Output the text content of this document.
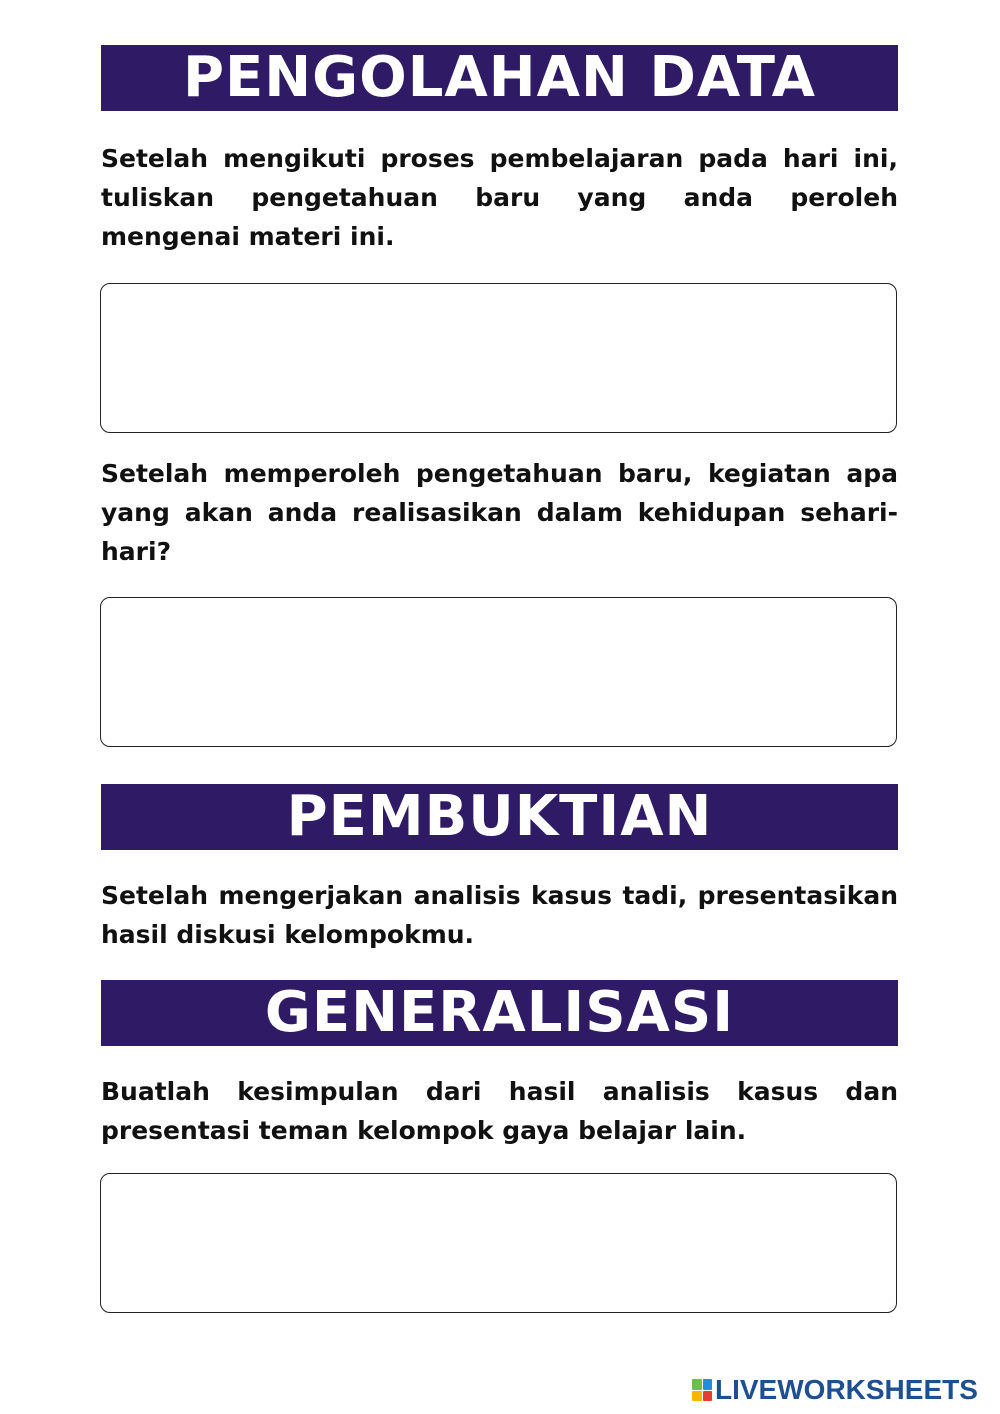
PENGOLAHAN DATA

Setelah mengikuti proses pembelajaran pada hari ini, tuliskan pengetahuan baru yang anda peroleh mengenai materi ini.

Setelah memperoleh pengetahuan baru, kegiatan apa yang akan anda realisasikan dalam kehidupan sehari-hari?

PEMBUKTIAN

Setelah mengerjakan analisis kasus tadi, presentasikan hasil diskusi kelompokmu.

GENERALISASI

Buatlah kesimpulan dari hasil analisis kasus dan presentasi teman kelompok gaya belajar lain.

LIVEWORKSHEETS
